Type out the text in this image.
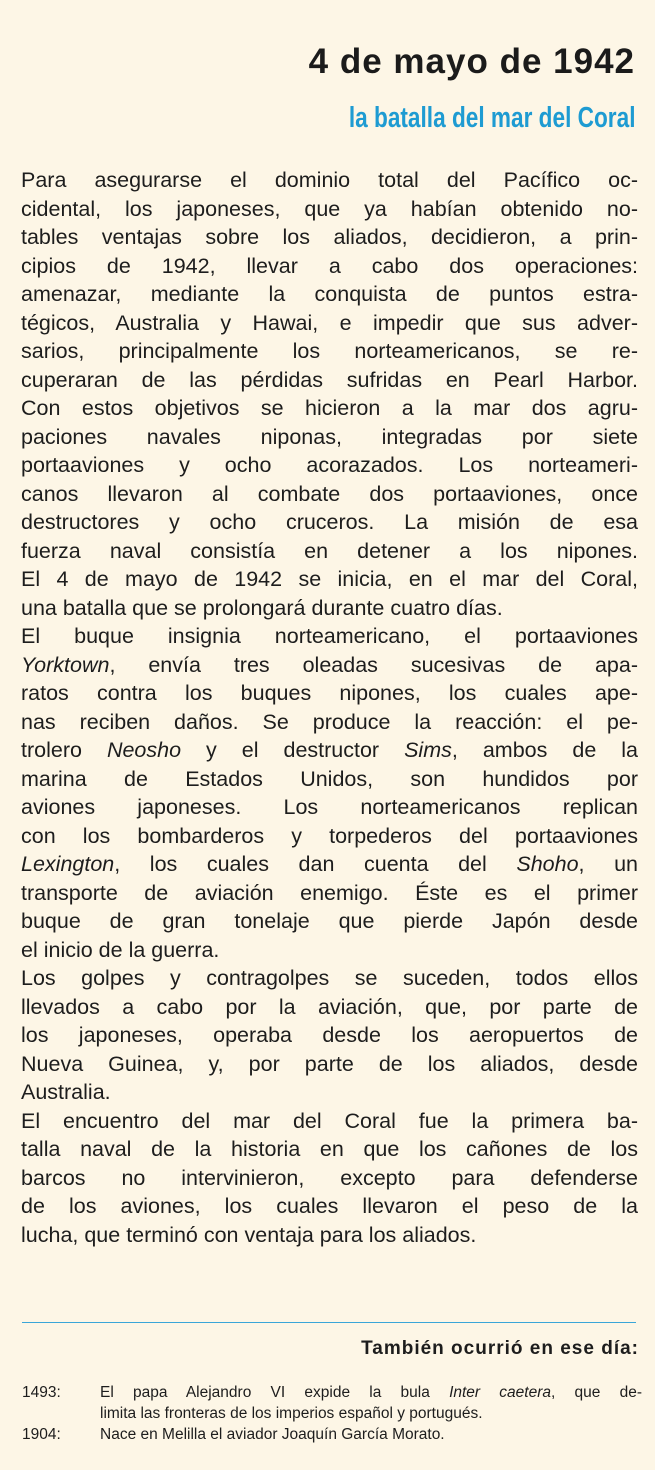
4 de mayo de 1942
la batalla del mar del Coral
Para asegurarse el dominio total del Pacífico oc-
cidental, los japoneses, que ya habían obtenido no-
tables ventajas sobre los aliados, decidieron, a prin-
cipios de 1942, llevar a cabo dos operaciones:
amenazar, mediante la conquista de puntos estra-
tégicos, Australia y Hawai, e impedir que sus adver-
sarios, principalmente los norteamericanos, se re-
cuperaran de las pérdidas sufridas en Pearl Harbor.
Con estos objetivos se hicieron a la mar dos agru-
paciones navales niponas, integradas por siete
portaaviones y ocho acorazados. Los norteameri-
canos llevaron al combate dos portaaviones, once
destructores y ocho cruceros. La misión de esa
fuerza naval consistía en detener a los nipones.
El 4 de mayo de 1942 se inicia, en el mar del Coral,
una batalla que se prolongará durante cuatro días.
El buque insignia norteamericano, el portaaviones
Yorktown, envía tres oleadas sucesivas de apa-
ratos contra los buques nipones, los cuales ape-
nas reciben daños. Se produce la reacción: el pe-
trolero Neosho y el destructor Sims, ambos de la
marina de Estados Unidos, son hundidos por
aviones japoneses. Los norteamericanos replican
con los bombarderos y torpederos del portaaviones
Lexington, los cuales dan cuenta del Shoho, un
transporte de aviación enemigo. Éste es el primer
buque de gran tonelaje que pierde Japón desde
el inicio de la guerra.
Los golpes y contragolpes se suceden, todos ellos
llevados a cabo por la aviación, que, por parte de
los japoneses, operaba desde los aeropuertos de
Nueva Guinea, y, por parte de los aliados, desde
Australia.
El encuentro del mar del Coral fue la primera ba-
talla naval de la historia en que los cañones de los
barcos no intervinieron, excepto para defenderse
de los aviones, los cuales llevaron el peso de la
lucha, que terminó con ventaja para los aliados.
También ocurrió en ese día:
1493:	El papa Alejandro VI expide la bula Inter caetera, que de-
limita las fronteras de los imperios español y portugués.
1904:	Nace en Melilla el aviador Joaquín García Morato.
